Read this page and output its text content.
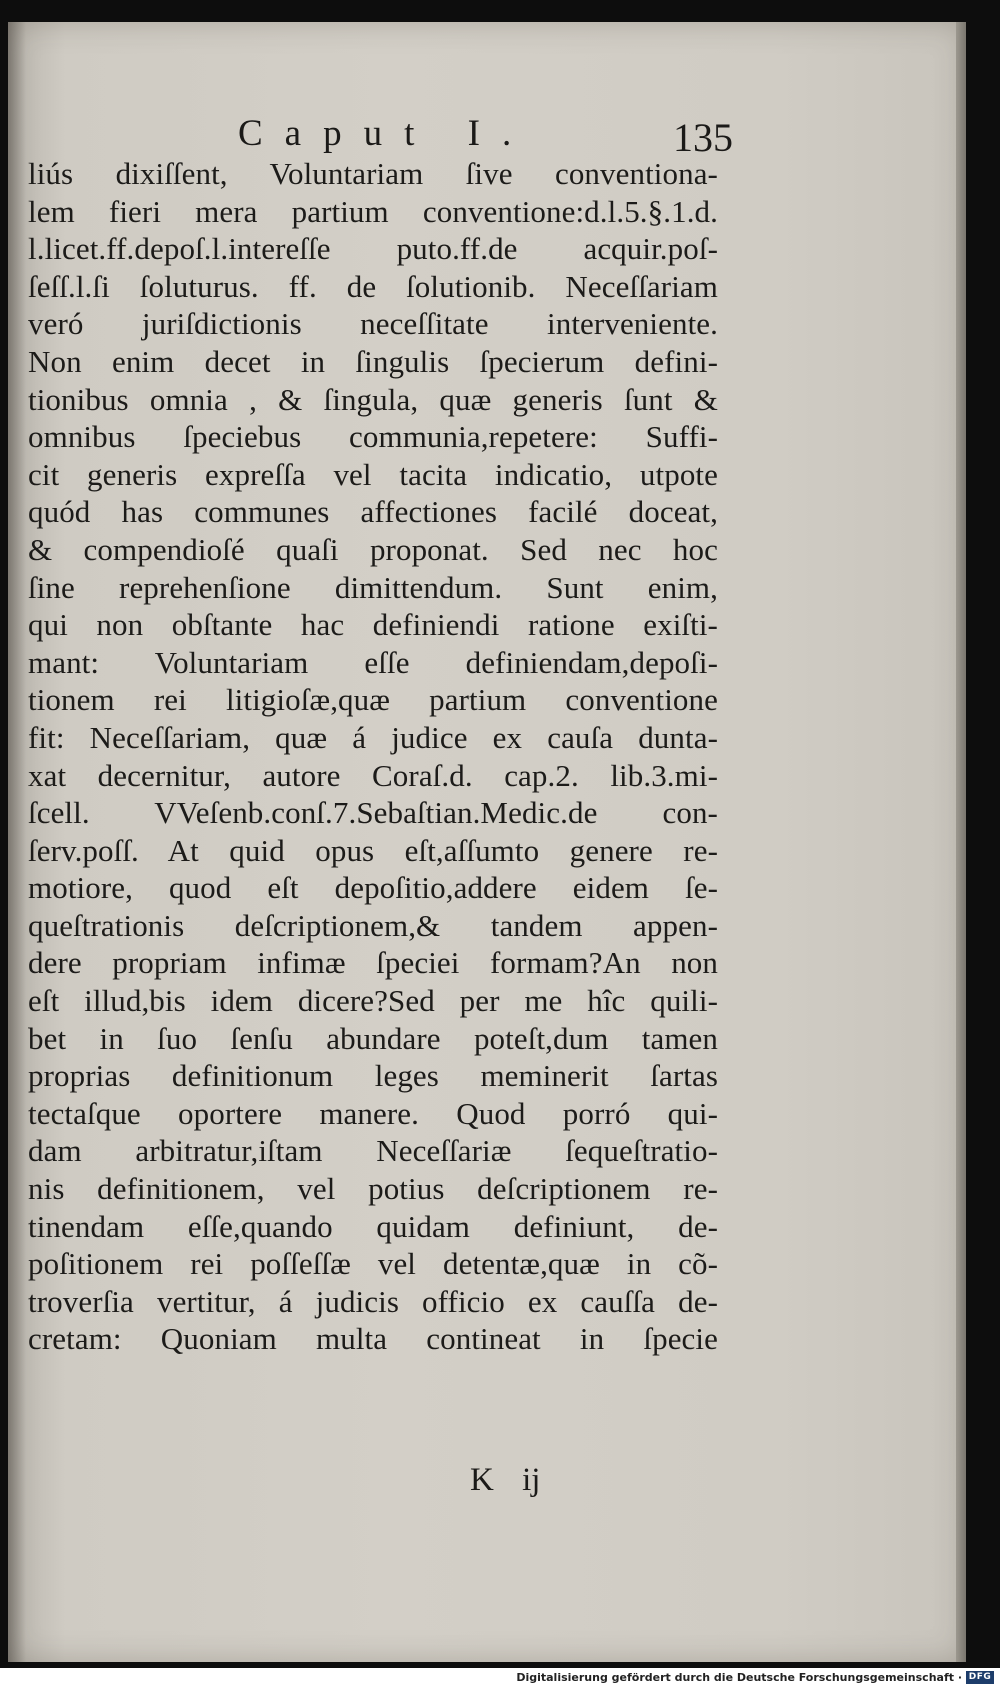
Caput I.	135
liús dixiſſent, Voluntariam ſive conventiona-
lem fieri mera partium conventione:d.l.5.§.1.d.
l.licet.ff.depoſ.l.intereſſe puto.ff.de acquir.poſ-
ſeſſ.l.ſi ſoluturus. ff. de ſolutionib. Neceſſariam
veró juriſdictionis neceſſitate interveniente.
Non enim decet in ſingulis ſpecierum defini-
tionibus omnia , & ſingula, quæ generis ſunt &
omnibus ſpeciebus communia,repetere: Suffi-
cit generis expreſſa vel tacita indicatio, utpote
quód has communes affectiones facilé doceat,
& compendioſé quaſi proponat. Sed nec hoc
ſine reprehenſione dimittendum. Sunt enim,
qui non obſtante hac definiendi ratione exiſti-
mant: Voluntariam eſſe definiendam,depoſi-
tionem rei litigioſæ,quæ partium conventione
fit: Neceſſariam, quæ á judice ex cauſa dunta-
xat decernitur, autore Coraſ.d. cap.2. lib.3.mi-
ſcell. VVeſenb.conſ.7.Sebaſtian.Medic.de con-
ſerv.poſſ. At quid opus eſt,aſſumto genere re-
motiore, quod eſt depoſitio,addere eidem ſe-
queſtrationis deſcriptionem,& tandem appen-
dere propriam infimæ ſpeciei formam?An non
eſt illud,bis idem dicere?Sed per me hîc quili-
bet in ſuo ſenſu abundare poteſt,dum tamen
proprias definitionum leges meminerit ſartas
tectaſque oportere manere. Quod porró qui-
dam arbitratur,iſtam Neceſſariæ ſequeſtratio-
nis definitionem, vel potius deſcriptionem re-
tinendam eſſe,quando quidam definiunt, de-
poſitionem rei poſſeſſæ vel detentæ,quæ in cõ-
troverſia vertitur, á judicis officio ex cauſſa de-
cretam: Quoniam multa contineat in ſpecie
K ij
Digitalisierung gefördert durch die Deutsche Forschungsgemeinschaft · DFG
